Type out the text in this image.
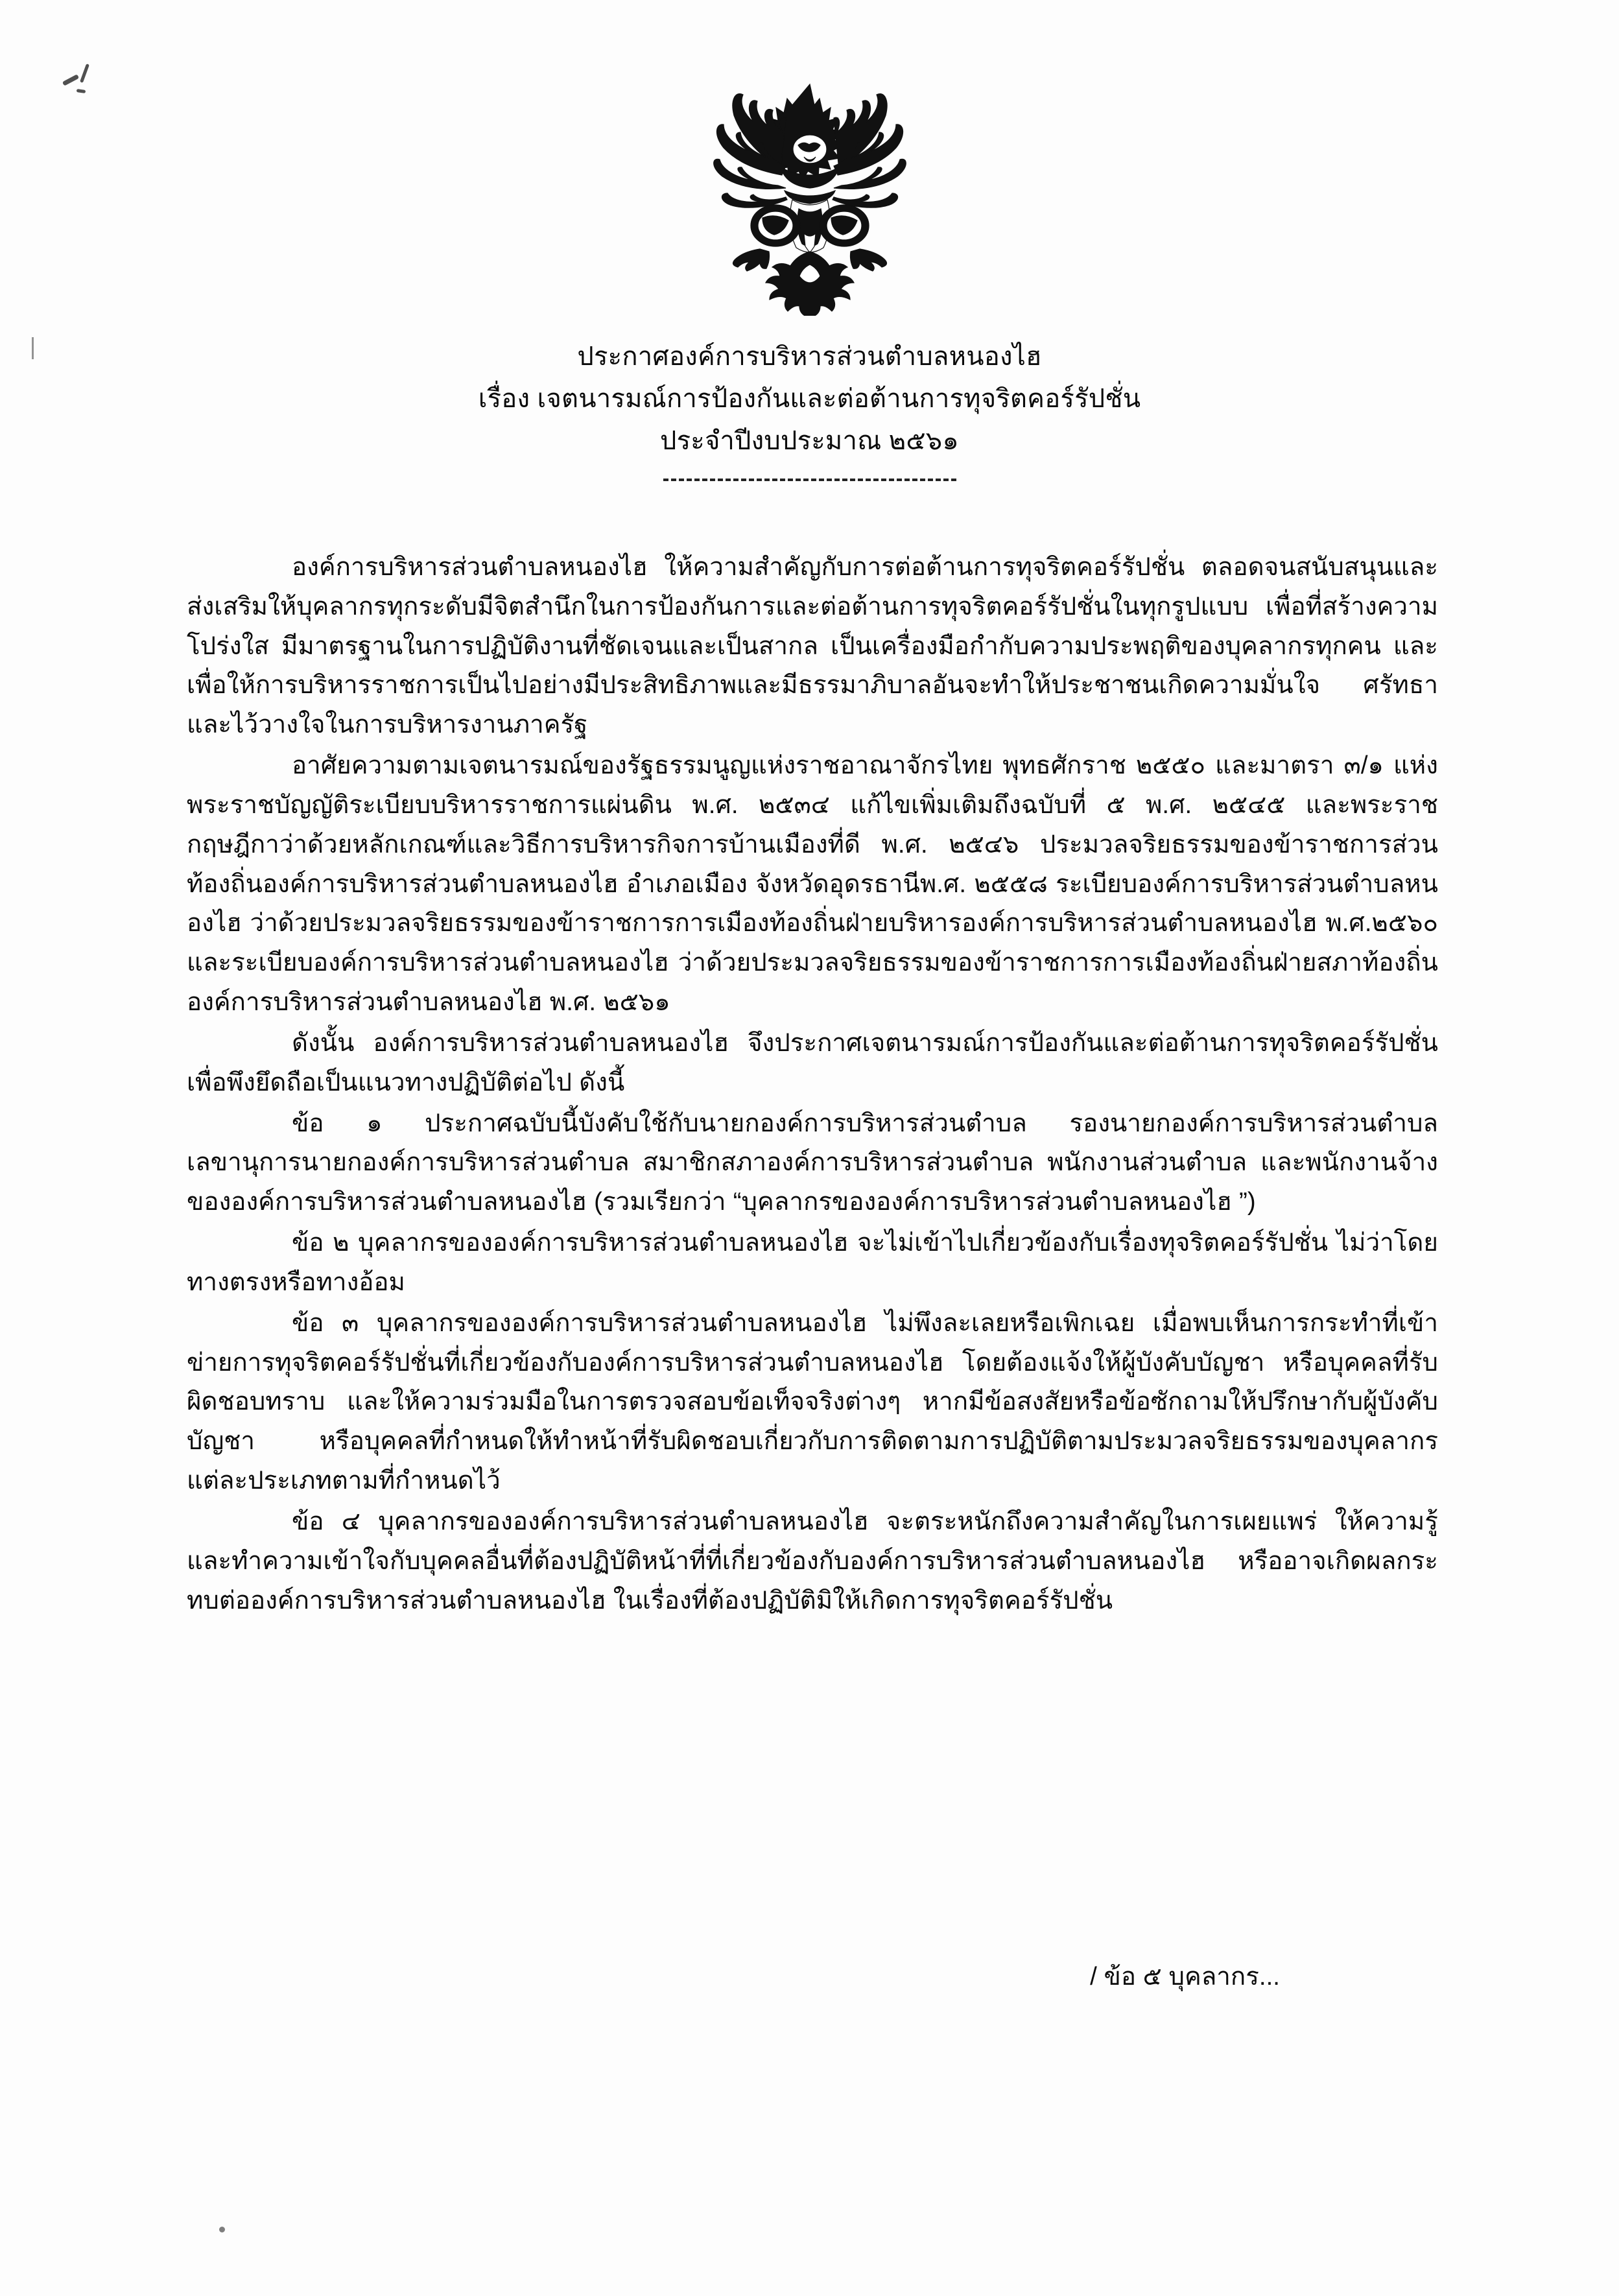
ประกาศองค์การบริหารส่วนตำบลหนองไฮ
เรื่อง เจตนารมณ์การป้องกันและต่อต้านการทุจริตคอร์รัปชั่น
ประจำปีงบประมาณ ๒๕๖๑

องค์การบริหารส่วนตำบลหนองไฮ ให้ความสำคัญกับการต่อต้านการทุจริตคอร์รัปชั่น ตลอดจนสนับสนุนและส่งเสริมให้บุคลากรทุกระดับมีจิตสำนึกในการป้องกันการและต่อต้านการทุจริตคอร์รัปชั่นในทุกรูปแบบ เพื่อที่สร้างความโปร่งใส มีมาตรฐานในการปฏิบัติงานที่ชัดเจนและเป็นสากล เป็นเครื่องมือกำกับความประพฤติของบุคลากรทุกคน และเพื่อให้การบริหารราชการเป็นไปอย่างมีประสิทธิภาพและมีธรรมาภิบาลอันจะทำให้ประชาชนเกิดความมั่นใจ ศรัทธาและไว้วางใจในการบริหารงานภาครัฐ

อาศัยความตามเจตนารมณ์ของรัฐธรรมนูญแห่งราชอาณาจักรไทย พุทธศักราช ๒๕๕๐ และมาตรา ๓/๑ แห่งพระราชบัญญัติระเบียบบริหารราชการแผ่นดิน พ.ศ. ๒๕๓๔ แก้ไขเพิ่มเติมถึงฉบับที่ ๕ พ.ศ. ๒๕๔๕ และพระราชกฤษฎีกาว่าด้วยหลักเกณฑ์และวิธีการบริหารกิจการบ้านเมืองที่ดี พ.ศ. ๒๕๔๖ ประมวลจริยธรรมของข้าราชการส่วนท้องถิ่นองค์การบริหารส่วนตำบลหนองไฮ อำเภอเมือง จังหวัดอุดรธานีพ.ศ. ๒๕๕๘ ระเบียบองค์การบริหารส่วนตำบลหนองไฮ ว่าด้วยประมวลจริยธรรมของข้าราชการการเมืองท้องถิ่นฝ่ายบริหารองค์การบริหารส่วนตำบลหนองไฮ พ.ศ.๒๕๖๐ และระเบียบองค์การบริหารส่วนตำบลหนองไฮ ว่าด้วยประมวลจริยธรรมของข้าราชการการเมืองท้องถิ่นฝ่ายสภาท้องถิ่นองค์การบริหารส่วนตำบลหนองไฮ พ.ศ. ๒๕๖๑

ดังนั้น องค์การบริหารส่วนตำบลหนองไฮ จึงประกาศเจตนารมณ์การป้องกันและต่อต้านการทุจริตคอร์รัปชั่น เพื่อพึงยึดถือเป็นแนวทางปฏิบัติต่อไป ดังนี้

ข้อ ๑ ประกาศฉบับนี้บังคับใช้กับนายกองค์การบริหารส่วนตำบล รองนายกองค์การบริหารส่วนตำบล เลขานุการนายกองค์การบริหารส่วนตำบล สมาชิกสภาองค์การบริหารส่วนตำบล พนักงานส่วนตำบล และพนักงานจ้างขององค์การบริหารส่วนตำบลหนองไฮ (รวมเรียกว่า “บุคลากรขององค์การบริหารส่วนตำบลหนองไฮ ”)

ข้อ ๒ บุคลากรขององค์การบริหารส่วนตำบลหนองไฮ จะไม่เข้าไปเกี่ยวข้องกับเรื่องทุจริตคอร์รัปชั่น ไม่ว่าโดยทางตรงหรือทางอ้อม

ข้อ ๓ บุคลากรขององค์การบริหารส่วนตำบลหนองไฮ ไม่พึงละเลยหรือเพิกเฉย เมื่อพบเห็นการกระทำที่เข้าข่ายการทุจริตคอร์รัปชั่นที่เกี่ยวข้องกับองค์การบริหารส่วนตำบลหนองไฮ โดยต้องแจ้งให้ผู้บังคับบัญชา หรือบุคคลที่รับผิดชอบทราบ และให้ความร่วมมือในการตรวจสอบข้อเท็จจริงต่างๆ หากมีข้อสงสัยหรือข้อซักถามให้ปรึกษากับผู้บังคับบัญชา หรือบุคคลที่กำหนดให้ทำหน้าที่รับผิดชอบเกี่ยวกับการติดตามการปฏิบัติตามประมวลจริยธรรมของบุคลากรแต่ละประเภทตามที่กำหนดไว้

ข้อ ๔ บุคลากรขององค์การบริหารส่วนตำบลหนองไฮ จะตระหนักถึงความสำคัญในการเผยแพร่ ให้ความรู้ และทำความเข้าใจกับบุคคลอื่นที่ต้องปฏิบัติหน้าที่ที่เกี่ยวข้องกับองค์การบริหารส่วนตำบลหนองไฮ หรืออาจเกิดผลกระทบต่อองค์การบริหารส่วนตำบลหนองไฮ ในเรื่องที่ต้องปฏิบัติมิให้เกิดการทุจริตคอร์รัปชั่น

/ ข้อ ๕ บุคลากร...
